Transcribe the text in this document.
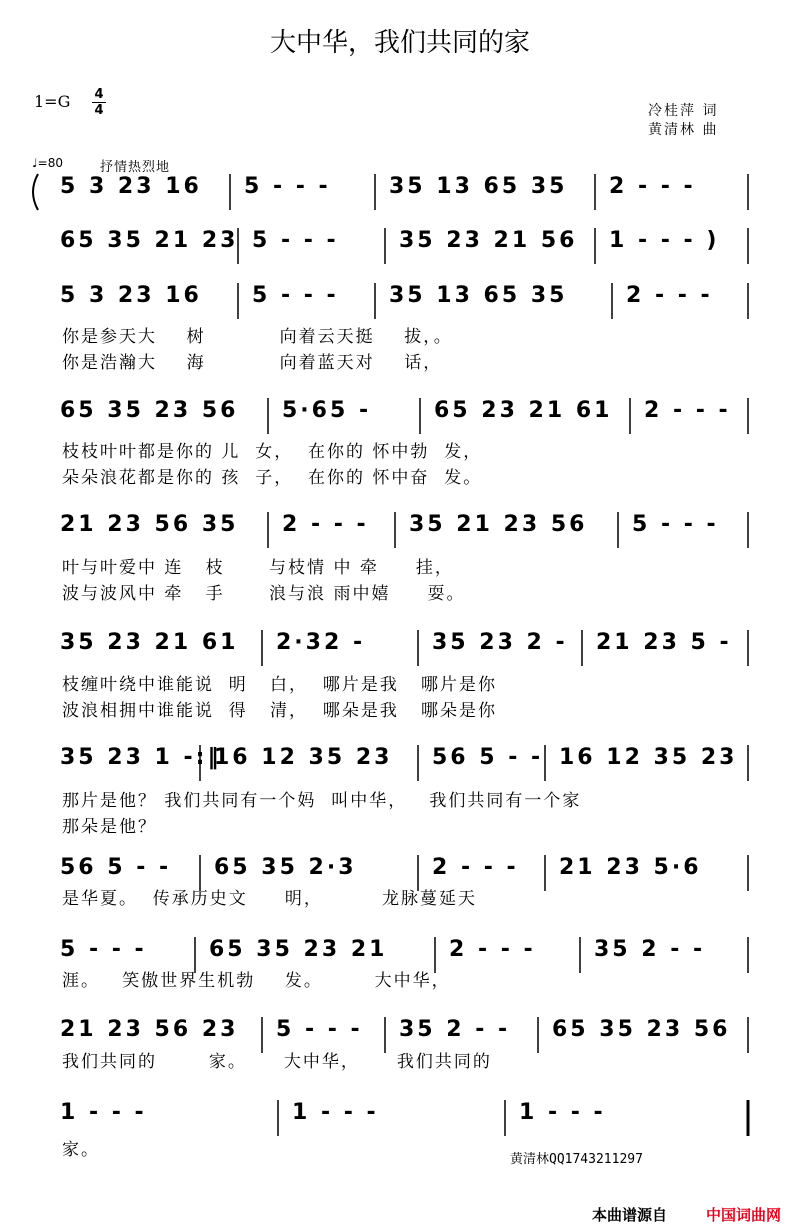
大中华，我们共同的家
1=G 4
4	冷桂萍 词
黄清林 曲
♩=80	抒情热烈地
5 3 23 16 5 - - -	35 13 65 35 2 - - -
65 35 21 23 5 - - -	35 23 21 56 1 - - - )
5 3 23 16 5 - - - 35 13 65 35	2 - - -
你是参天大    树          向着云天挺    拔，。
你是浩瀚大    海          向着蓝天对    话，
65 35 23 56 5·65 -	65 23 21 61 2 - - -
枝枝叶叶都是你的 儿  女，  在你的 怀中勃  发，
朵朵浪花都是你的 孩  子，  在你的 怀中奋  发。
21 23 56 35 2 - - - 35 21 23 56 5 - - -
叶与叶爱中 连   枝      与枝情 中 牵     挂，
波与波风中 牵   手      浪与浪 雨中嬉     耍。
35 23 21 61 2·32 -	35 23 2 - 21 23 5 -
枝缠叶绕中谁能说  明   白，  哪片是我   哪片是你
波浪相拥中谁能说  得   清，  哪朵是我   哪朵是你
35 23 1 -:‖
16 12 35 23 56 5 - - 16 12 35 23
那片是他？ 我们共同有一个妈  叫中华，   我们共同有一个家
那朵是他？
56 5 - - 65 35 2·3	2 - - - 21 23 5·6
是华夏。  传承历史文     明，        龙脉蔓延天
5 - - -	65 35 23 21	2 - - -	35 2 - -
涯。   笑傲世界生机勃    发。       大中华，
21 23 56 23 5 - - - 35 2 - - 65 35 23 56
我们共同的       家。     大中华，     我们共同的
1 - - -	1 - - -	1 - - -
家。	黄清林QQ1743211297
本曲谱源自	中国词曲网
